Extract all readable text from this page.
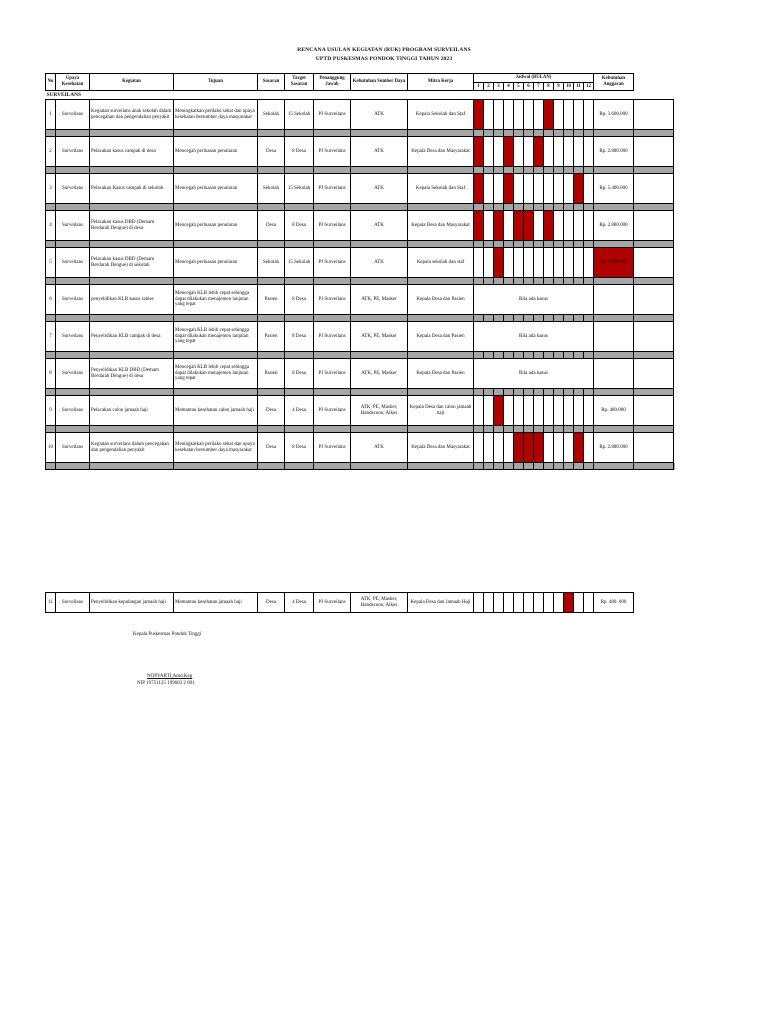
RENCANA USULAN KEGIATAN (RUK) PROGRAM SURVEILANS
UPTD PUSKESMAS PONDOK TINGGI TAHUN 2023
No	Upaya Kesehatan	Kegiatan	Tujuan	Sasaran	Target Sasaran	Penanggung Jawab	Kebutuhan Sumber Daya	Mitra Kerja	Jadwal (BULAN)												Kebutuhan Anggaran		
									1	2	3	4	5	6	7	8	9	10	11	12			
SURVEILANS																							
1	Surveilans	Kegiatan surveilans anak sekolah dalam pencegahan dan pengendalian penyakit	Meningkatkan perilaku sehat dan upaya kesehatan bersumber daya masyarakat	Sekolah	15 Sekolah	PJ Surveilans	ATK	Kepala Sekolah dan Staf													Rp. 3.600.000		

2	Surveilans	Pelacakan kasus campak di desa	Mencegah perluasan penularan	Desa	8 Desa	PJ Surveilans	ATK	Kepala Desa dan Masyarakat													Rp. 2.880.000		

3	Surveilans	Pelacakan Kasus campak di sekolah	Mencegah perluasan penularan	Sekolah	15 Sekolah	PJ Surveilans	ATK	Kepala Sekolah dan Staf													Rp. 5.400.000		

4	Surveilans	Pelacakan kasus DBD (Demam Berdarah Dengue) di desa	Mencegah perluasan penularan	Desa	8 Desa	PJ Surveilans	ATK	Kepala Desa dan Masyarakat													Rp. 2.880.000		

5	Surveilans	Pelacakan kasus DBD (Demam Berdarah Dengue) di sekolah	Mencegah perluasan penularan	Sekolah	15 Sekolah	PJ Surveilans	ATK	Kepala sekolah dan staf													Rp. 3.600.000		

6	Surveilans	penyelidikan KLB kasus rabies	Mencegah KLB lebih cepat sehingga dapat dilakukan menajemen lanjutan yang tepat	Pasien	8 Desa	PJ Surveilans	ATK, PE, Masker	Kepala Desa dan Pasien	Bila ada kasus														

7	Surveilans	Penyelidikan KLB campak di desa	Mencegah KLB lebih cepat sehingga dapat dilakukan menajemen lanjutan yang tepat	Pasien	8 Desa	PJ Surveilans	ATK, PE, Masker	Kepala Desa dan Pasien	Bila ada kasus														

8	Surveilans	Penyelidikan KLB DBD (Demam Berdarah Dengue) di desa	Mencegah KLB lebih cepat sehingga dapat dilakukan menajemen lanjutan yang tepat	Pasien	8 Desa	PJ Surveilans	ATK, PE, Masker	Kepala Desa dan Pasien	Bila ada kasus														

9	Surveilans	Pelacakan calon jamaah haji	Memantau kesehatan calon jamaah haji	Desa	4 Desa	PJ Surveilans	ATK, PE, Masker, Handscoon, Alkes	Kepala Desa dan calon jamaah haji													Rp. 480.000		

10	Surveilans	Kegiatan surveilans dalam pencegahan dan pengendalian penyakit	Meningkatkan perilaku sehat dan upaya kesehatan bersumber daya masyarakat	Desa	8 Desa	PJ Surveilans	ATK	Kepala Desa dan Masyarakat													Rp. 2.880.000		

11	Surveilans	Penyelidikan kepulangan jamaah haji	Memantau kesehatan jamaah haji	Desa	4 Desa	PJ Surveilans	ATK, PE, Masker, Handscoon, Alkes	Kepala Desa dan Jamaah Haji													Rp. 480. 000
Kepala Puskesmas Pondok Tinggi
NOPYARTI,Amd.Kep
NIP 19751125 199603 2 001
